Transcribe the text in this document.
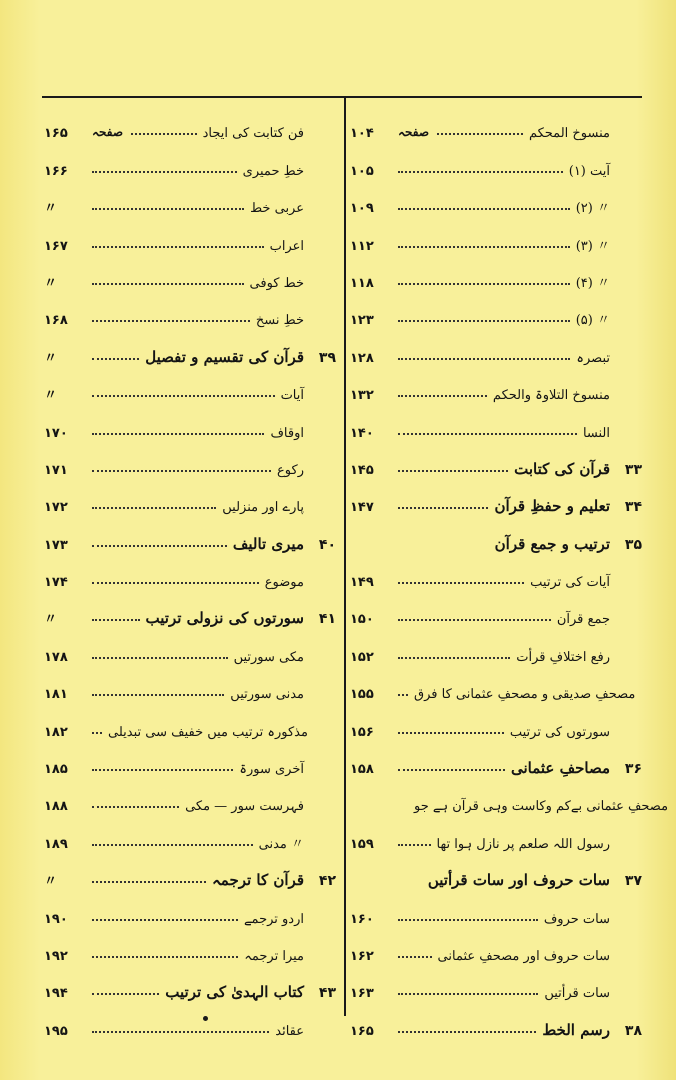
۱۶۵	صفحہ	فن کتابت کی ایجاد
۱۶۶	خطِ حمیری
〃	عربی خط
۱۶۷	اعراب
〃	خط کوفی
۱۶۸	خطِ نسخ
〃	قرآن کی تقسیم و تفصیل	۳۹
〃	آیات
۱۷۰	اوقاف
۱۷۱	رکوع
۱۷۲	پارے اور منزلیں
۱۷۳	میری تالیف	۴۰
۱۷۴	موضوع
〃	سورتوں کی نزولی ترتیب	۴۱
۱۷۸	مکی سورتیں
۱۸۱	مدنی سورتیں
۱۸۲	مذکورہ ترتیب میں خفیف سی تبدیلی
۱۸۵	آخری سورۃ
۱۸۸	فہرست سور — مکی
۱۸۹	〃 مدنی
〃	قرآن کا ترجمہ	۴۲
۱۹۰	اردو ترجمے
۱۹۲	میرا ترجمہ
۱۹۴	کتاب الہدیٰ کی ترتیب	۴۳
۱۹۵	عقائد
۱۰۴	صفحہ	منسوخ المحکم
۱۰۵	آیت (۱)
۱۰۹	〃 (۲)
۱۱۲	〃 (۳)
۱۱۸	〃 (۴)
۱۲۳	〃 (۵)
۱۲۸	تبصرہ
۱۳۲	منسوخ التلاوۃ والحکم
۱۴۰	النسا
۱۴۵	قرآن کی کتابت	۳۳
۱۴۷	تعلیم و حفظِ قرآن	۳۴
ترتیب و جمع قرآن	۳۵
۱۴۹	آیات کی ترتیب
۱۵۰	جمع قرآن
۱۵۲	رفع اختلافِ قرأت
۱۵۵	مصحفِ صدیقی و مصحفِ عثمانی کا فرق
۱۵۶	سورتوں کی ترتیب
۱۵۸	مصاحفِ عثمانی	۳۶
مصحفِ عثمانی بےکم وکاست وہی قرآن ہے جو
۱۵۹	رسول اللہ صلعم پر نازل ہوا تھا
سات حروف اور سات قرأتیں	۳۷
۱۶۰	سات حروف
۱۶۲	سات حروف اور مصحفِ عثمانی
۱۶۳	سات قرأتیں
۱۶۵	رسم الخط	۳۸
